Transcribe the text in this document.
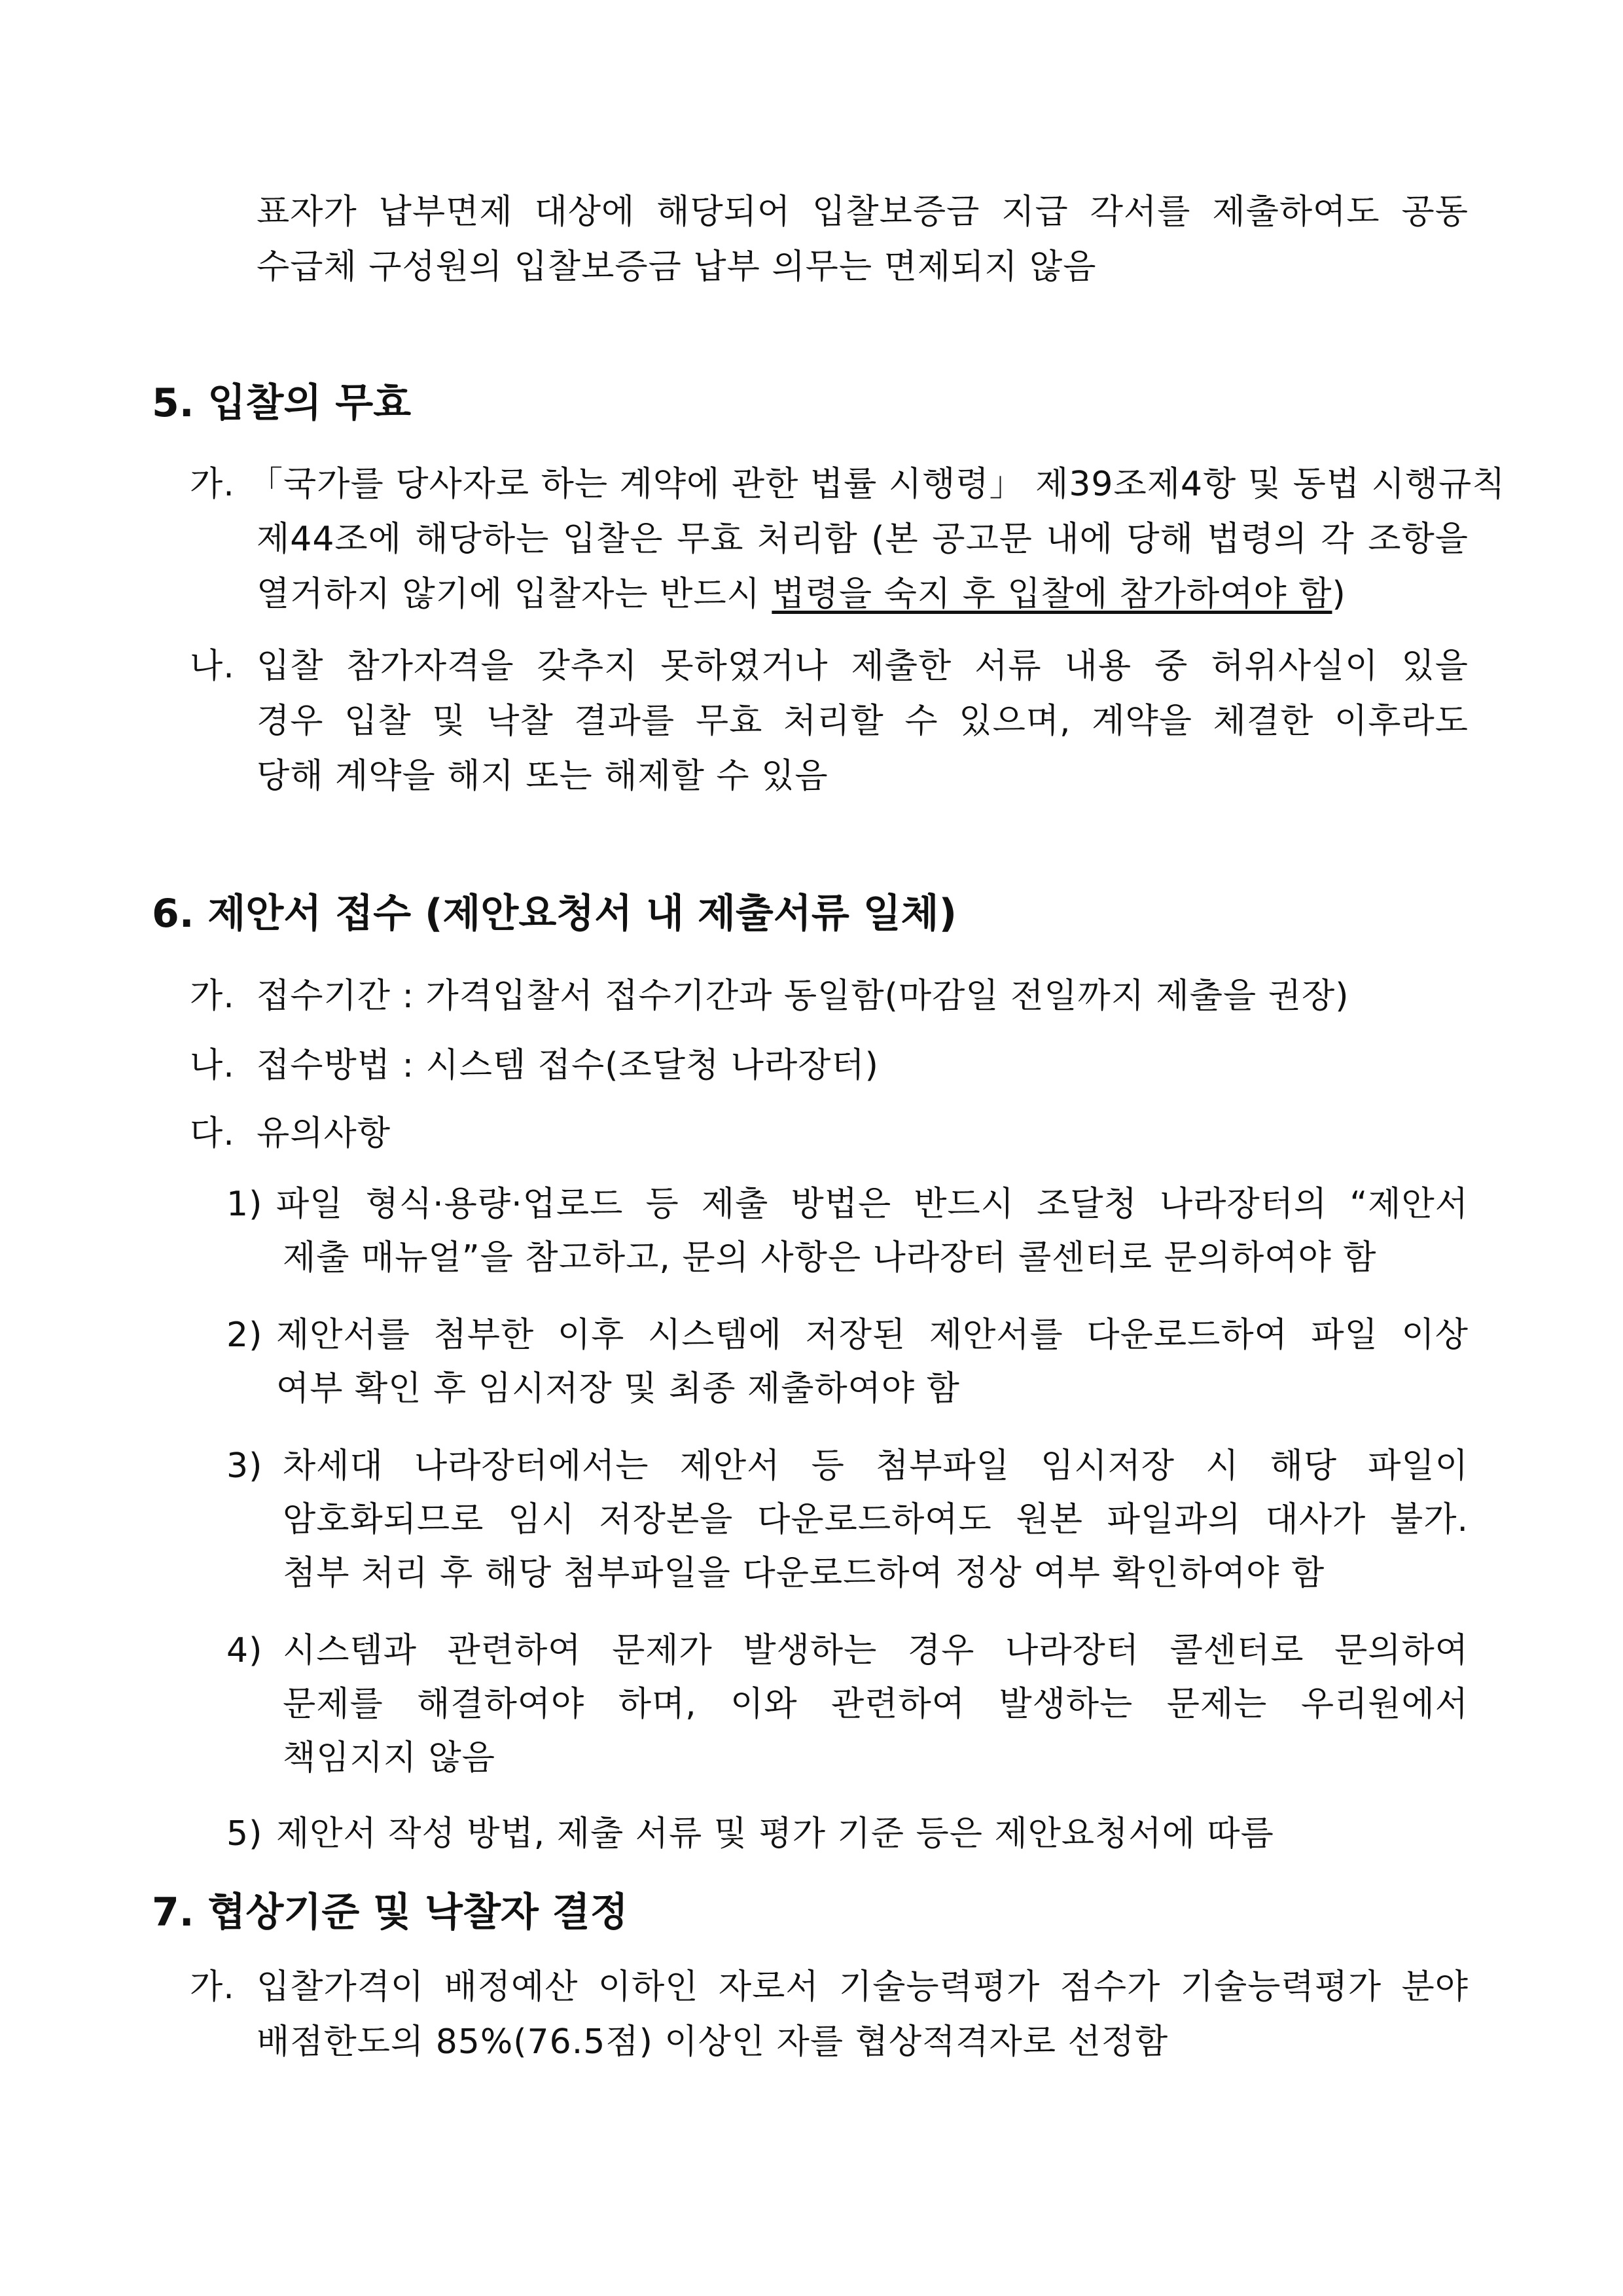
표자가 납부면제 대상에 해당되어 입찰보증금 지급 각서를 제출하여도 공동
수급체 구성원의 입찰보증금 납부 의무는 면제되지 않음
5. 입찰의 무효
가. 「국가를 당사자로 하는 계약에 관한 법률 시행령」 제39조제4항 및 동법 시행규칙
제44조에 해당하는 입찰은 무효 처리함 (본 공고문 내에 당해 법령의 각 조항을
열거하지 않기에 입찰자는 반드시 법령을 숙지 후 입찰에 참가하여야 함)
나. 입찰 참가자격을 갖추지 못하였거나 제출한 서류 내용 중 허위사실이 있을
경우 입찰 및 낙찰 결과를 무효 처리할 수 있으며, 계약을 체결한 이후라도
당해 계약을 해지 또는 해제할 수 있음
6. 제안서 접수 (제안요청서 내 제출서류 일체)
가. 접수기간 : 가격입찰서 접수기간과 동일함(마감일 전일까지 제출을 권장)
나. 접수방법 : 시스템 접수(조달청 나라장터)
다. 유의사항
1) 파일 형식·용량·업로드 등 제출 방법은 반드시 조달청 나라장터의 “제안서
제출 매뉴얼”을 참고하고, 문의 사항은 나라장터 콜센터로 문의하여야 함
2) 제안서를 첨부한 이후 시스템에 저장된 제안서를 다운로드하여 파일 이상
여부 확인 후 임시저장 및 최종 제출하여야 함
3) 차세대 나라장터에서는 제안서 등 첨부파일 임시저장 시 해당 파일이
암호화되므로 임시 저장본을 다운로드하여도 원본 파일과의 대사가 불가.
첨부 처리 후 해당 첨부파일을 다운로드하여 정상 여부 확인하여야 함
4) 시스템과 관련하여 문제가 발생하는 경우 나라장터 콜센터로 문의하여
문제를 해결하여야 하며, 이와 관련하여 발생하는 문제는 우리원에서
책임지지 않음
5) 제안서 작성 방법, 제출 서류 및 평가 기준 등은 제안요청서에 따름
7. 협상기준 및 낙찰자 결정
가. 입찰가격이 배정예산 이하인 자로서 기술능력평가 점수가 기술능력평가 분야
배점한도의 85%(76.5점) 이상인 자를 협상적격자로 선정함
